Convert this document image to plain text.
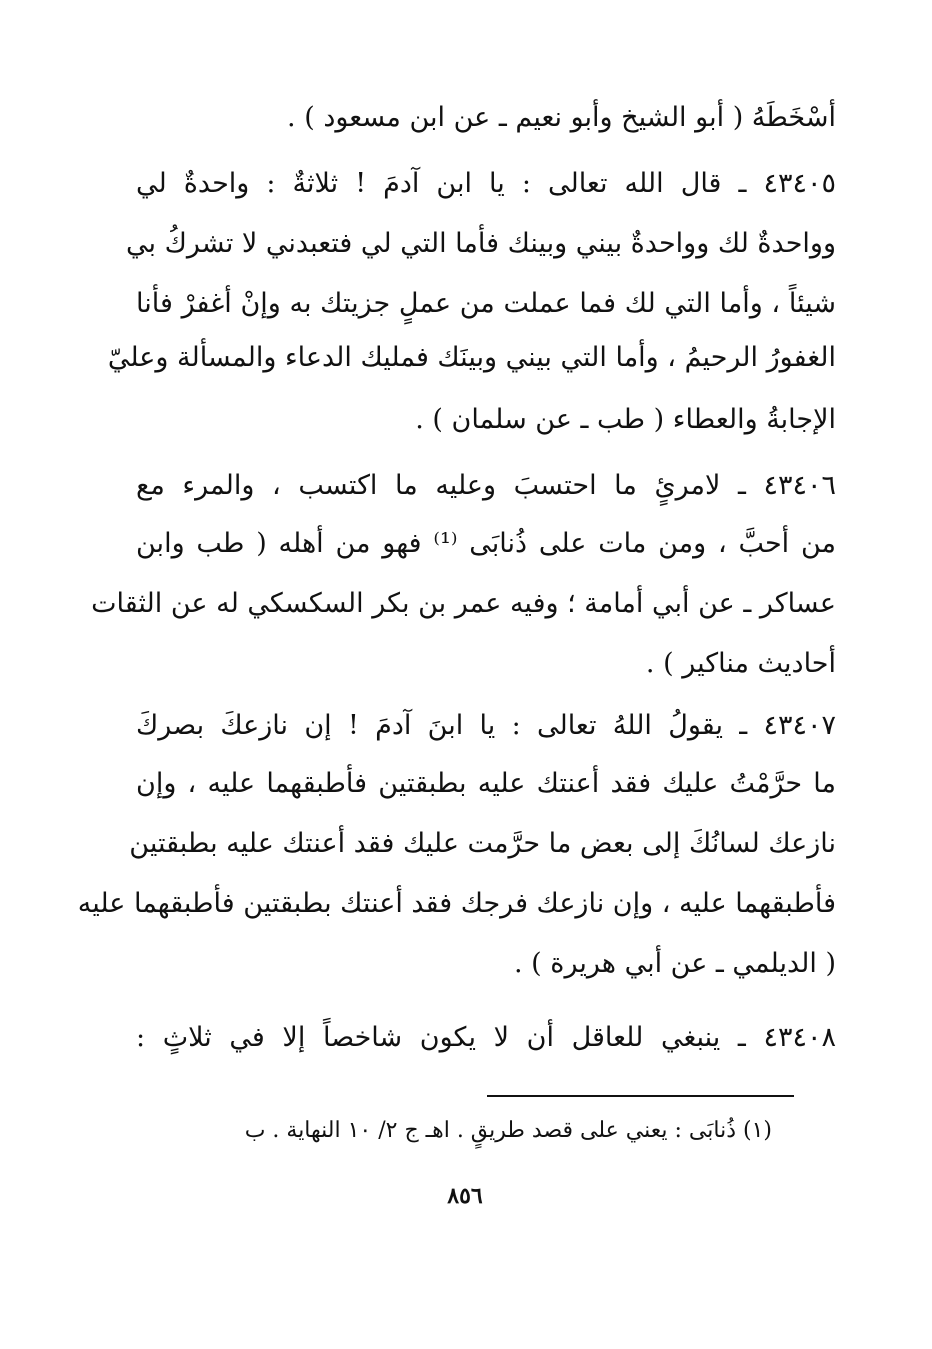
أسْخَطَهُ ( أبو الشيخ وأبو نعيم ـ عن ابن مسعود ) .
٤٣٤٠٥ ـ قال الله تعالى : يا ابن آدمَ ! ثلاثةٌ : واحدةٌ لي
وواحدةٌ لك وواحدةٌ بيني وبينك فأما التي لي فتعبدني لا تشركُ بي
شيئاً ، وأما التي لك فما عملت من عملٍ جزيتك به وإنْ أغفرْ فأنا
الغفورُ الرحيمُ ، وأما التي بيني وبينَك فمليك الدعاء والمسألة وعليّ
الإجابةُ والعطاء ( طب ـ عن سلمان ) .
٤٣٤٠٦ ـ لامرئٍ ما احتسبَ وعليه ما اكتسب ، والمرء مع
من أحبَّ ، ومن مات على ذُنابَى ⁽¹⁾ فهو من أهله ( طب وابن
عساكر ـ عن أبي أمامة ؛ وفيه عمر بن بكر السكسكي له عن الثقات
أحاديث مناكير ) .
٤٣٤٠٧ ـ يقولُ اللهُ تعالى : يا ابنَ آدمَ ! إن نازعكَ بصركَ
ما حرَّمْتُ عليك فقد أعنتك عليه بطبقتين فأطبقهما عليه ، وإن
نازعك لسانُكَ إلى بعض ما حرَّمت عليك فقد أعنتك عليه بطبقتين
فأطبقهما عليه ، وإن نازعك فرجك فقد أعنتك بطبقتين فأطبقهما عليه
( الديلمي ـ عن أبي هريرة ) .
٤٣٤٠٨ ـ ينبغي للعاقل أن لا يكون شاخصاً إلا في ثلاثٍ :
(١) ذُنابَى : يعني على قصد طريقٍ . اهـ ج ٢/ ١٠ النهاية . ب
٨٥٦
